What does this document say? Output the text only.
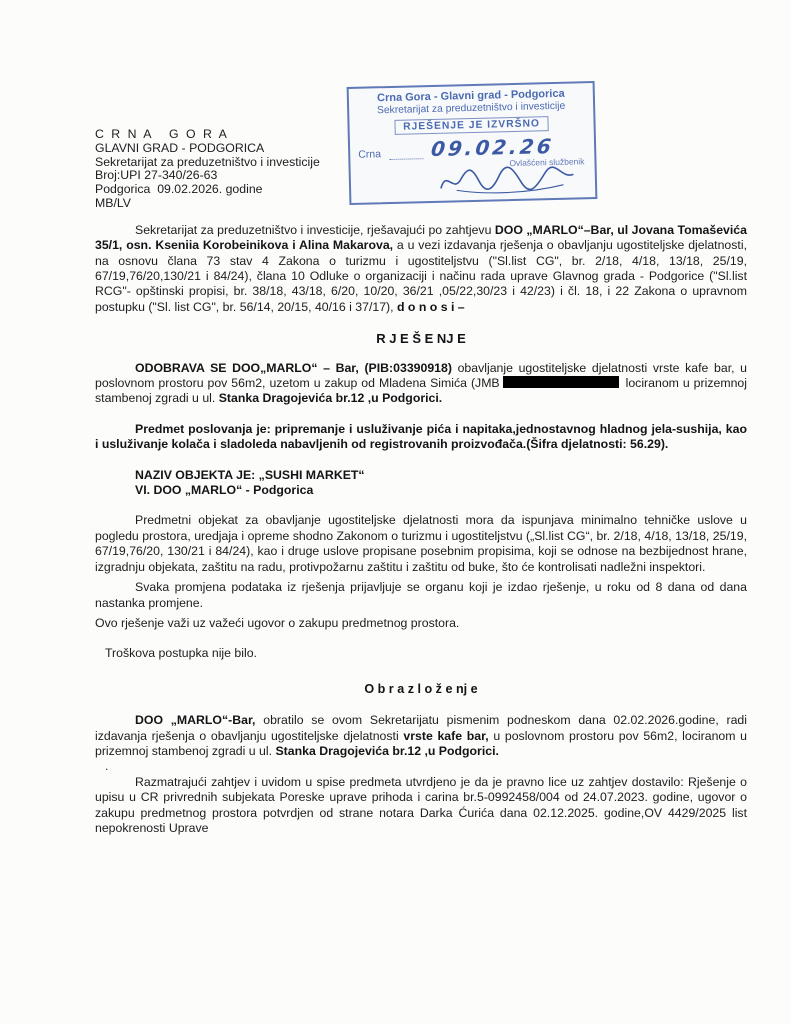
Crna Gora - Glavni grad - Podgorica
Sekretarijat za preduzetništvo i investicije
RJEŠENJE JE IZVRŠNO
Crna 09.02.26
Ovlašćeni službenik
C R N A   G O R A
GLAVNI GRAD - PODGORICA
Sekretarijat za preduzetništvo i investicije
Broj:UPI 27-340/26-63
Podgorica  09.02.2026. godine
MB/LV

Sekretarijat za preduzetništvo i investicije, rješavajući po zahtjevu DOO „MARLO“–Bar, ul Jovana Tomaševića 35/1, osn. Kseniia Korobeinikova i Alina Makarova, a u vezi izdavanja rješenja o obavljanju ugostiteljske djelatnosti, na osnovu člana 73 stav 4 Zakona o turizmu i ugostiteljstvu ("Sl.list CG", br. 2/18, 4/18, 13/18, 25/19, 67/19,76/20,130/21 i 84/24), člana 10 Odluke o organizaciji i načinu rada uprave Glavnog grada - Podgorice ("Sl.list RCG"- opštinski propisi, br. 38/18, 43/18, 6/20, 10/20, 36/21 ,05/22,30/23 i 42/23) i čl. 18, i 22 Zakona o upravnom postupku ("Sl. list CG", br. 56/14, 20/15, 40/16 i 37/17), d o n o s i –

R J E Š E NJ E

ODOBRAVA SE DOO„MARLO“ – Bar, (PIB:03390918) obavljanje ugostiteljske djelatnosti vrste kafe bar, u poslovnom prostoru pov 56m2, uzetom u zakup od Mladena Simića (JMB	lociranom u prizemnoj stambenoj zgradi u ul. Stanka Dragojevića br.12 ,u Podgorici.

Predmet poslovanja je: pripremanje i usluživanje pića i napitaka,jednostavnog hladnog jela-sushija, kao i usluživanje kolača i sladoleda nabavljenih od registrovanih proizvođača.(Šifra djelatnosti: 56.29).

NAZIV OBJEKTA JE: „SUSHI MARKET“

VI. DOO „MARLO“ - Podgorica

Predmetni objekat za obavljanje ugostiteljske djelatnosti mora da ispunjava minimalno tehničke uslove u pogledu prostora, uredjaja i opreme shodno Zakonom o turizmu i ugostiteljstvu („Sl.list CG“, br. 2/18, 4/18, 13/18, 25/19, 67/19,76/20, 130/21 i 84/24), kao i druge uslove propisane posebnim propisima, koji se odnose na bezbijednost hrane, izgradnju objekata, zaštitu na radu, protivpožarnu zaštitu i zaštitu od buke, što će kontrolisati nadležni inspektori.

Svaka promjena podataka iz rješenja prijavljuje se organu koji je izdao rješenje, u roku od 8 dana od dana nastanka promjene.

Ovo rješenje važi uz važeći ugovor o zakupu predmetnog prostora.

Troškova postupka nije bilo.

O b r a z l o ž e nj e

DOO „MARLO“-Bar, obratilo se ovom Sekretarijatu pismenim podneskom dana 02.02.2026.godine, radi izdavanja rješenja o obavljanju ugostiteljske djelatnosti vrste kafe bar, u poslovnom prostoru pov 56m2, lociranom u prizemnoj stambenoj zgradi u ul. Stanka Dragojevića br.12 ,u Podgorici.

.

Razmatrajući zahtjev i uvidom u spise predmeta utvrdjeno je da je pravno lice uz zahtjev dostavilo: Rješenje o upisu u CR privrednih subjekata Poreske uprave prihoda i carina br.5-0992458/004 od 24.07.2023. godine, ugovor o zakupu predmetnog prostora potvrdjen od strane notara Darka Ćurića dana 02.12.2025. godine,OV 4429/2025 list nepokrenosti Uprave
